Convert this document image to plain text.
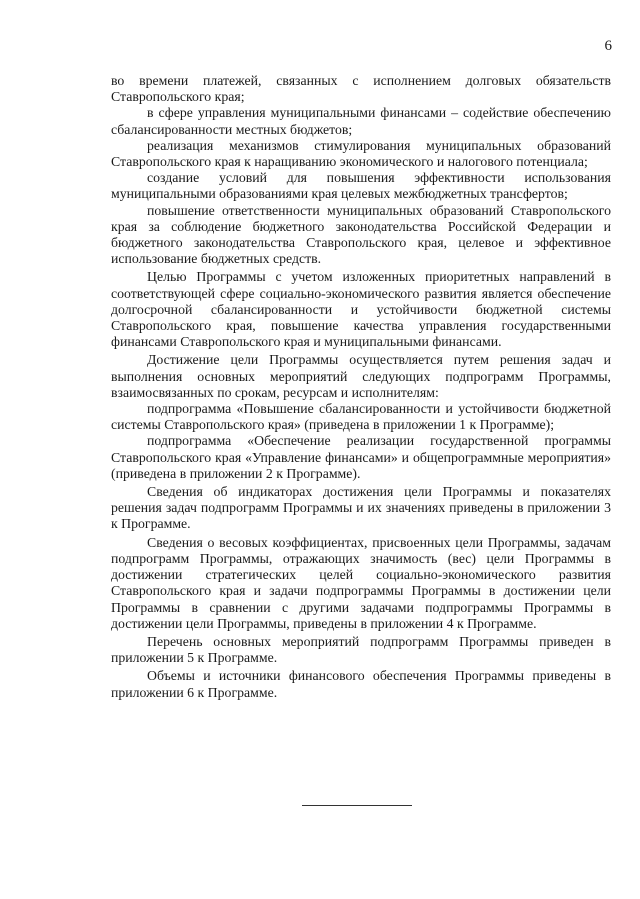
6

во времени платежей, связанных с исполнением долговых обязательств Ставропольского края;

в сфере управления муниципальными финансами – содействие обеспечению сбалансированности местных бюджетов;

реализация механизмов стимулирования муниципальных образований Ставропольского края к наращиванию экономического и налогового потенциала;

создание условий для повышения эффективности использования муниципальными образованиями края целевых межбюджетных трансфертов;

повышение ответственности муниципальных образований Ставропольского края за соблюдение бюджетного законодательства Российской Федерации и бюджетного законодательства Ставропольского края, целевое и эффективное использование бюджетных средств.

Целью Программы с учетом изложенных приоритетных направлений в соответствующей сфере социально-экономического развития является обеспечение долгосрочной сбалансированности и устойчивости бюджетной системы Ставропольского края, повышение качества управления государственными финансами Ставропольского края и муниципальными финансами.

Достижение цели Программы осуществляется путем решения задач и выполнения основных мероприятий следующих подпрограмм Программы, взаимосвязанных по срокам, ресурсам и исполнителям:

подпрограмма «Повышение сбалансированности и устойчивости бюджетной системы Ставропольского края» (приведена в приложении 1 к Программе);

подпрограмма «Обеспечение реализации государственной программы Ставропольского края «Управление финансами» и общепрограммные мероприятия» (приведена в приложении 2 к Программе).

Сведения об индикаторах достижения цели Программы и показателях решения задач подпрограмм Программы и их значениях приведены в приложении 3 к Программе.

Сведения о весовых коэффициентах, присвоенных цели Программы, задачам подпрограмм Программы, отражающих значимость (вес) цели Программы в достижении стратегических целей социально-экономического развития Ставропольского края и задачи подпрограммы Программы в достижении цели Программы в сравнении с другими задачами подпрограммы Программы в достижении цели Программы, приведены в приложении 4 к Программе.

Перечень основных мероприятий подпрограмм Программы приведен в приложении 5 к Программе.

Объемы и источники финансового обеспечения Программы приведены в приложении 6 к Программе.
